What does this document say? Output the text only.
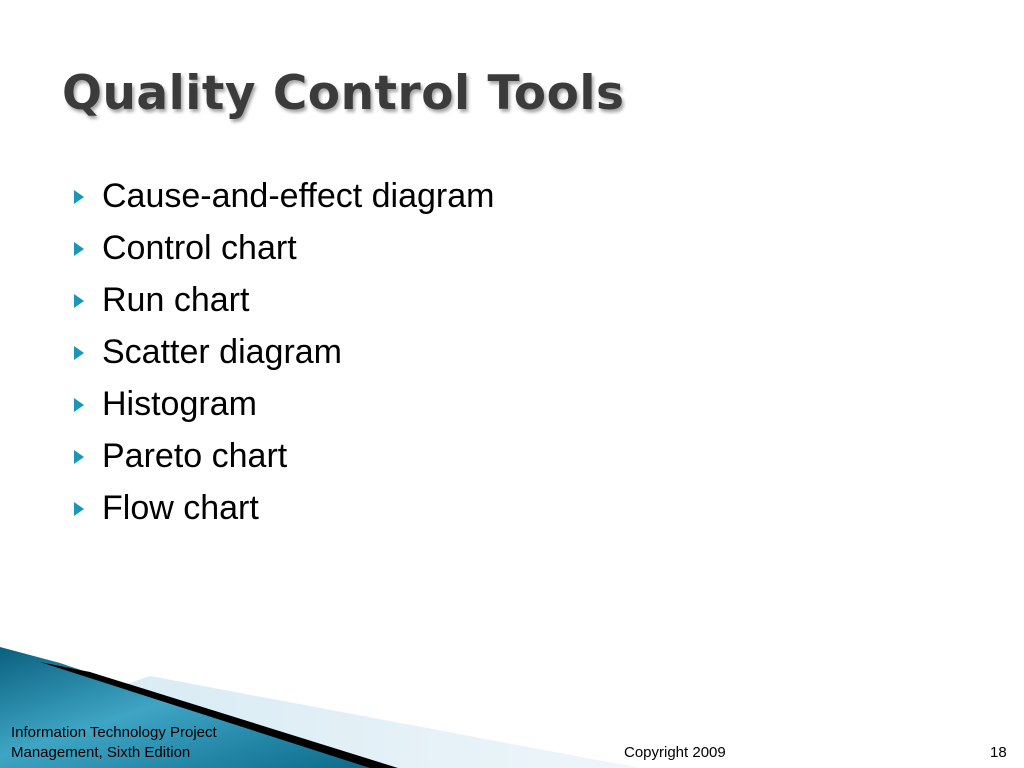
Quality Control Tools
Cause-and-effect diagram
Control chart
Run chart
Scatter diagram
Histogram
Pareto chart
Flow chart
Information Technology Project
Management, Sixth Edition	Copyright 2009	18
